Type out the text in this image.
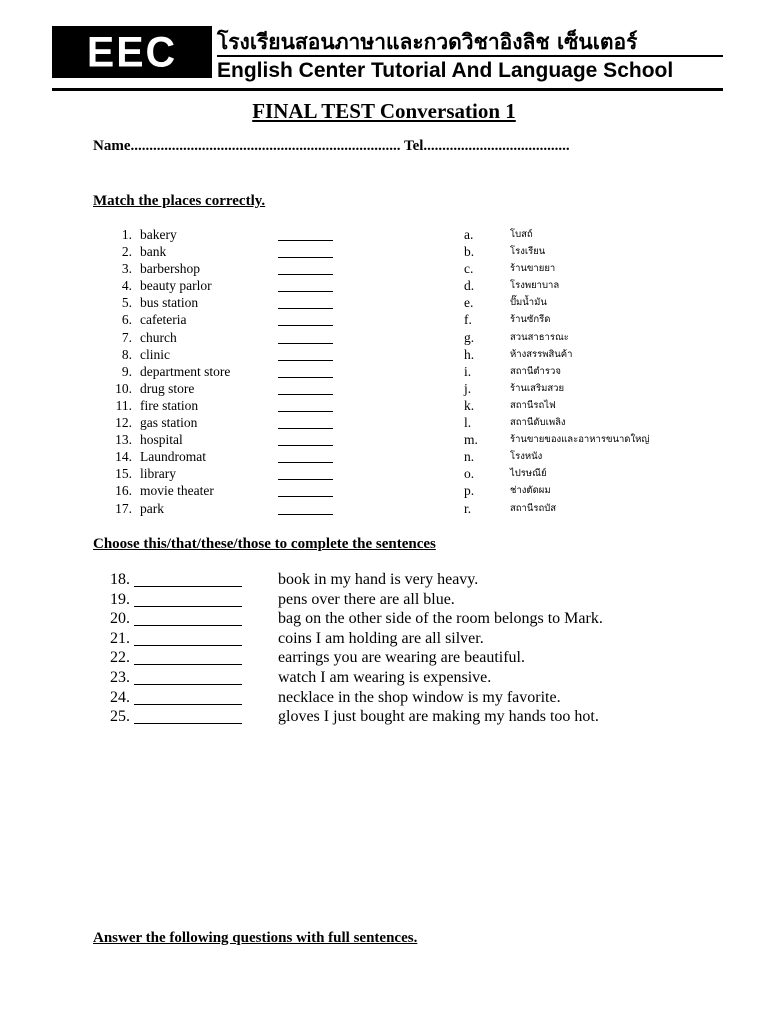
EEC	โรงเรียนสอนภาษาและกวดวิชาอิงลิช เซ็นเตอร์
English Center Tutorial And Language School
FINAL TEST Conversation 1
Name........................................................................ Tel.......................................
Match the places correctly.
1. bakery	a.	โบสถ์
2. bank	b.	โรงเรียน
3. barbershop	c.	ร้านขายยา
4. beauty parlor	d.	โรงพยาบาล
5. bus station	e.	ปั๊มน้ำมัน
6. cafeteria	f.	ร้านซักรีด
7. church	g.	สวนสาธารณะ
8. clinic	h.	ห้างสรรพสินค้า
9. department store	i.	สถานีตำรวจ
10. drug store	j.	ร้านเสริมสวย
11. fire station	k.	สถานีรถไฟ
12. gas station	l.	สถานีดับเพลิง
13. hospital	m.	ร้านขายของและอาหารขนาดใหญ่
14. Laundromat	n.	โรงหนัง
15. library	o.	ไปรษณีย์
16. movie theater	p.	ช่างตัดผม
17. park	r.	สถานีรถบัส
Choose this/that/these/those to complete the sentences
18.	book in my hand is very heavy.
19.	pens over there are all blue.
20.	bag on the other side of the room belongs to Mark.
21.	coins I am holding are all silver.
22.	earrings you are wearing are beautiful.
23.	watch I am wearing is expensive.
24.	necklace in the shop window is my favorite.
25.	gloves I just bought are making my hands too hot.
Answer the following questions with full sentences.
